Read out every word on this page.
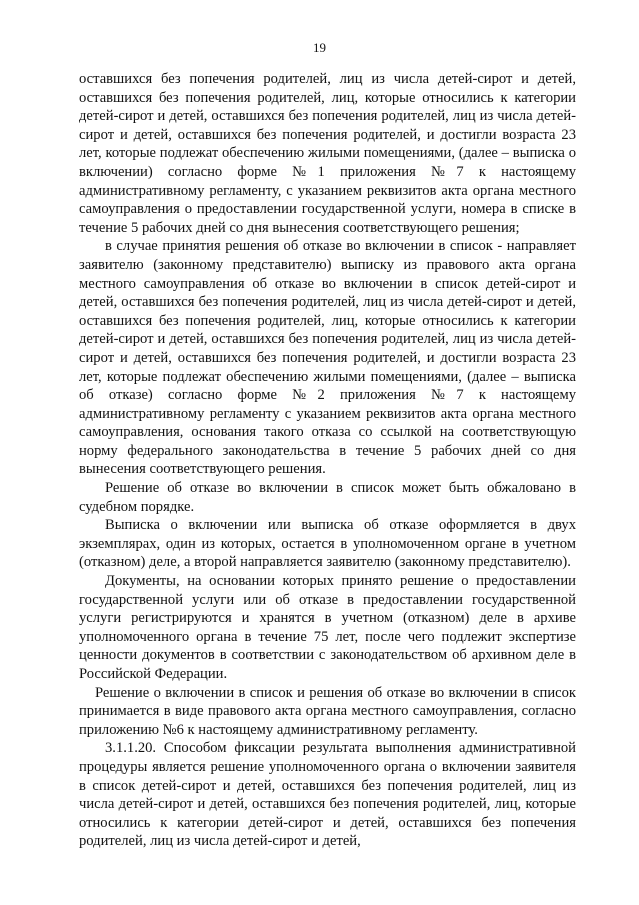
19

оставшихся без попечения родителей, лиц из числа детей-сирот и детей, оставшихся без попечения родителей, лиц, которые относились к категории детей-сирот и детей, оставшихся без попечения родителей, лиц из числа детей-сирот и детей, оставшихся без попечения родителей, и достигли возраста 23 лет, которые подлежат обеспечению жилыми помещениями, (далее – выписка о включении) согласно форме №1 приложения №7 к настоящему административному регламенту, с указанием реквизитов акта органа местного самоуправления о предоставлении государственной услуги, номера в списке в течение 5 рабочих дней со дня вынесения соответствующего решения;

в случае принятия решения об отказе во включении в список - направляет заявителю (законному представителю) выписку из правового акта органа местного самоуправления об отказе во включении в список детей-сирот и детей, оставшихся без попечения родителей, лиц из числа детей-сирот и детей, оставшихся без попечения родителей, лиц, которые относились к категории детей-сирот и детей, оставшихся без попечения родителей, лиц из числа детей-сирот и детей, оставшихся без попечения родителей, и достигли возраста 23 лет, которые подлежат обеспечению жилыми помещениями, (далее – выписка об отказе) согласно форме №2 приложения №7 к настоящему административному регламенту с указанием реквизитов акта органа местного самоуправления, основания такого отказа со ссылкой на соответствующую норму федерального законодательства в течение 5 рабочих дней со дня вынесения соответствующего решения.

Решение об отказе во включении в список может быть обжаловано в судебном порядке.

Выписка о включении или выписка об отказе оформляется в двух экземплярах, один из которых, остается в уполномоченном органе в учетном (отказном) деле, а второй направляется заявителю (законному представителю).

Документы, на основании которых принято решение о предоставлении государственной услуги или об отказе в предоставлении государственной услуги регистрируются и хранятся в учетном (отказном) деле в архиве уполномоченного органа в течение 75 лет, после чего подлежит экспертизе ценности документов в соответствии с законодательством об архивном деле в Российской Федерации.

Решение о включении в список и решения об отказе во включении в список принимается в виде правового акта органа местного самоуправления, согласно приложению №6 к настоящему административному регламенту.

3.1.1.20. Способом фиксации результата выполнения административной процедуры является решение уполномоченного органа о включении заявителя в список детей-сирот и детей, оставшихся без попечения родителей, лиц из числа детей-сирот и детей, оставшихся без попечения родителей, лиц, которые относились к категории детей-сирот и детей, оставшихся без попечения родителей, лиц из числа детей-сирот и детей,
